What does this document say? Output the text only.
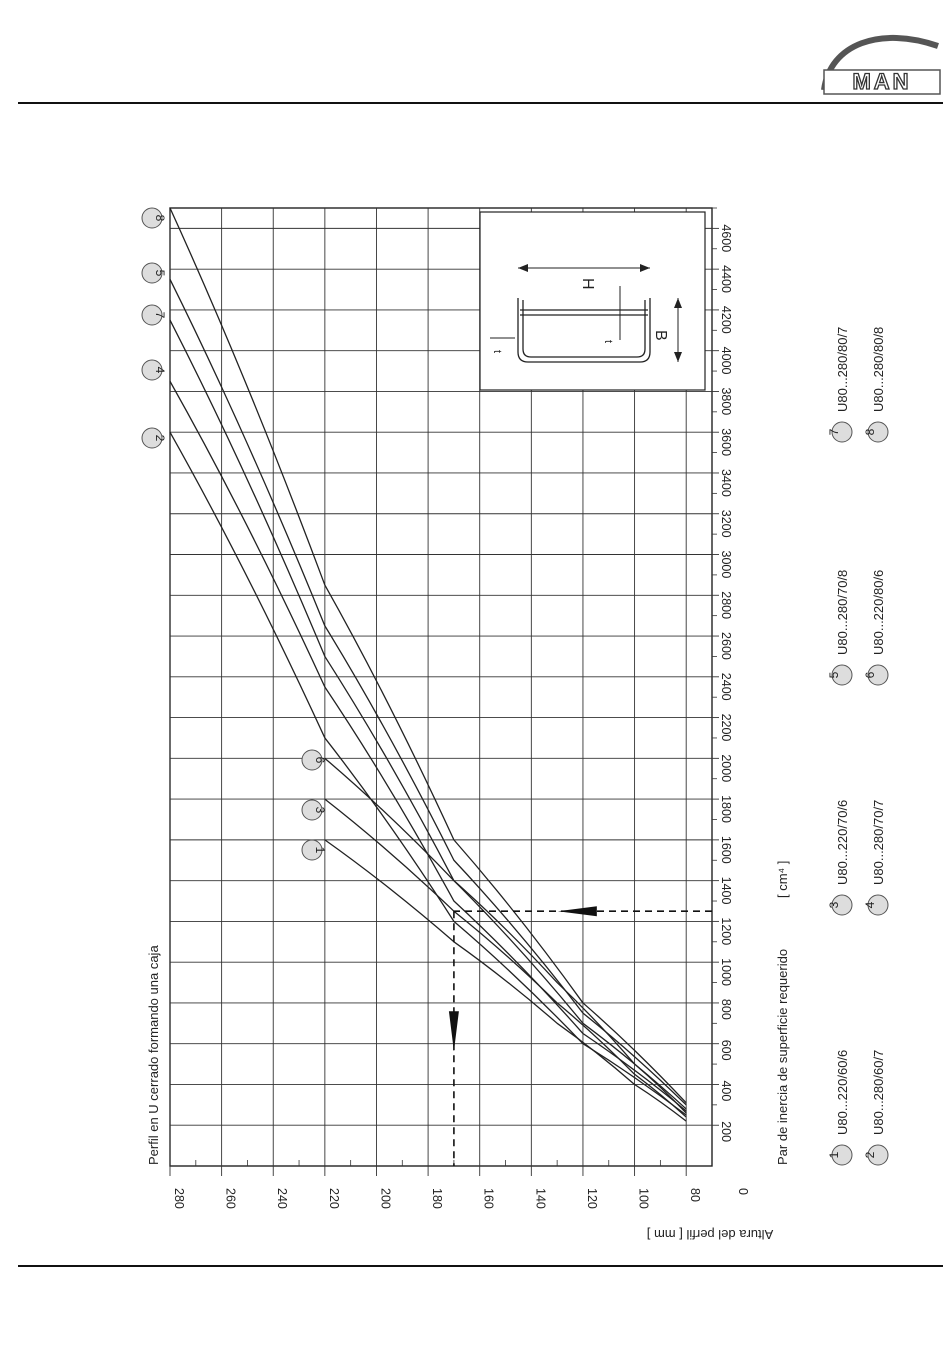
MAN
H
B
t
t
200
400
600
800
1000
1200
1400
1600
1800
2000
2200
2400
2600
2800
3000
3200
3400
3600
3800
4000
4200
4400
4600
280	260	240	220	200	180	160	140	120	100	80	0
1
2
3
4
5
6
7
8
Perfil en U cerrado formando una caja	Par de inercia de superficie requerido
[ cm⁴ ]
Altura del perfil [ mm ]
1
U80...220/60/6
2
U80...280/60/7
3
U80...220/70/6
4
U80...280/70/7
5
U80...280/70/8
6
U80...220/80/6
7
U80...280/80/7
8
U80...280/80/8
